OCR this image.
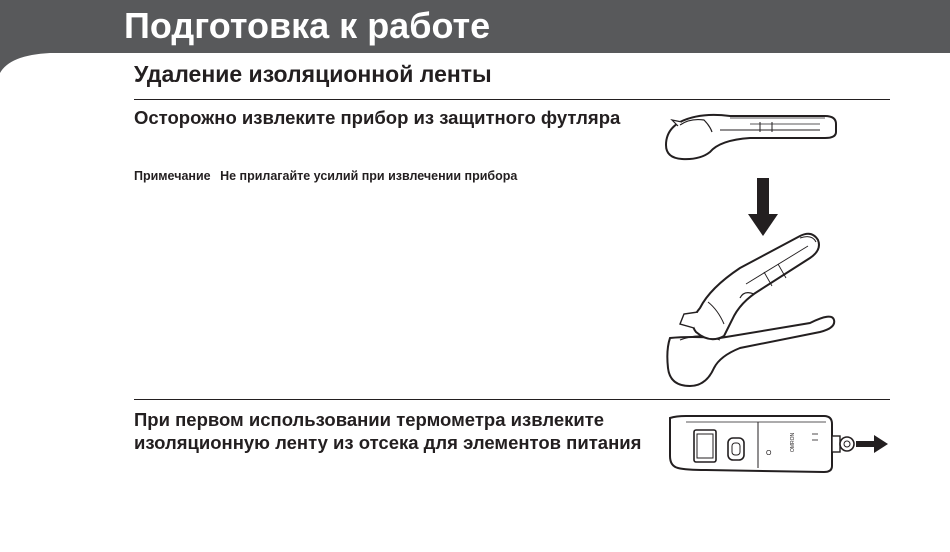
Подготовка к работе
Удаление изоляционной ленты
Осторожно извлеките прибор из защитного футляра
Примечание Не прилагайте усилий при извлечении прибора
При первом использовании термометра извлеките изоляционную ленту из отсека для элементов питания
O
OMRON
